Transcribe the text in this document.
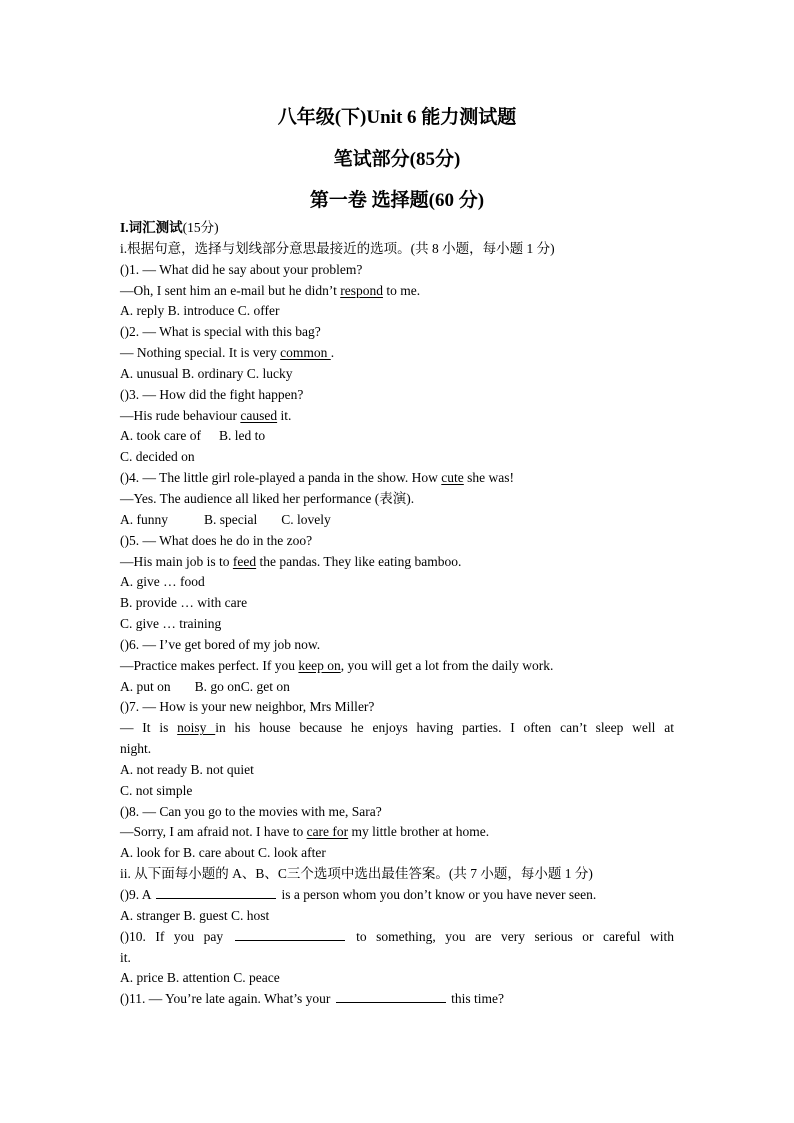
八年级(下)Unit 6 能力测试题
笔试部分(85分)
第一卷 选择题(60 分)
I.词汇测试(15分)
i.根据句意，选择与划线部分意思最接近的选项。(共 8 小题，每小题 1 分)
()1. — What did he say about your problem?
—Oh, I sent him an e-mail but he didn’t respond to me.
A. reply B. introduce C. offer
()2. — What is special with this bag?
— Nothing special. It is very common .
A. unusual B. ordinary C. lucky
()3. — How did the fight happen?
—His rude behaviour caused it.
A. took care of B. led to
C. decided on
()4. — The little girl role-played a panda in the show. How cute she was!
—Yes. The audience all liked her performance (表演).
A. funny	B. special C. lovely
()5. — What does he do in the zoo?
—His main job is to feed the pandas. They like eating bamboo.
A. give … food
B. provide … with care
C. give … training
()6. — I’ve get bored of my job now.
—Practice makes perfect. If you keep on, you will get a lot from the daily work.
A. put on B. go onC. get on
()7. — How is your new neighbor, Mrs Miller?
— It is noisy in his house because he enjoys having parties. I often can’t sleep well at
night.
A. not ready B. not quiet
C. not simple
()8. — Can you go to the movies with me, Sara?
—Sorry, I am afraid not. I have to care for my little brother at home.
A. look for B. care about C. look after
ii. 从下面每小题的 A、B、C三个选项中选出最佳答案。(共 7 小题，每小题 1 分)
()9. A	is a person whom you don’t know or you have never seen.
A. stranger B. guest C. host
()10. If you pay	to something, you are very serious or careful with
it.
A. price B. attention C. peace
()11. — You’re late again. What’s your	this time?
